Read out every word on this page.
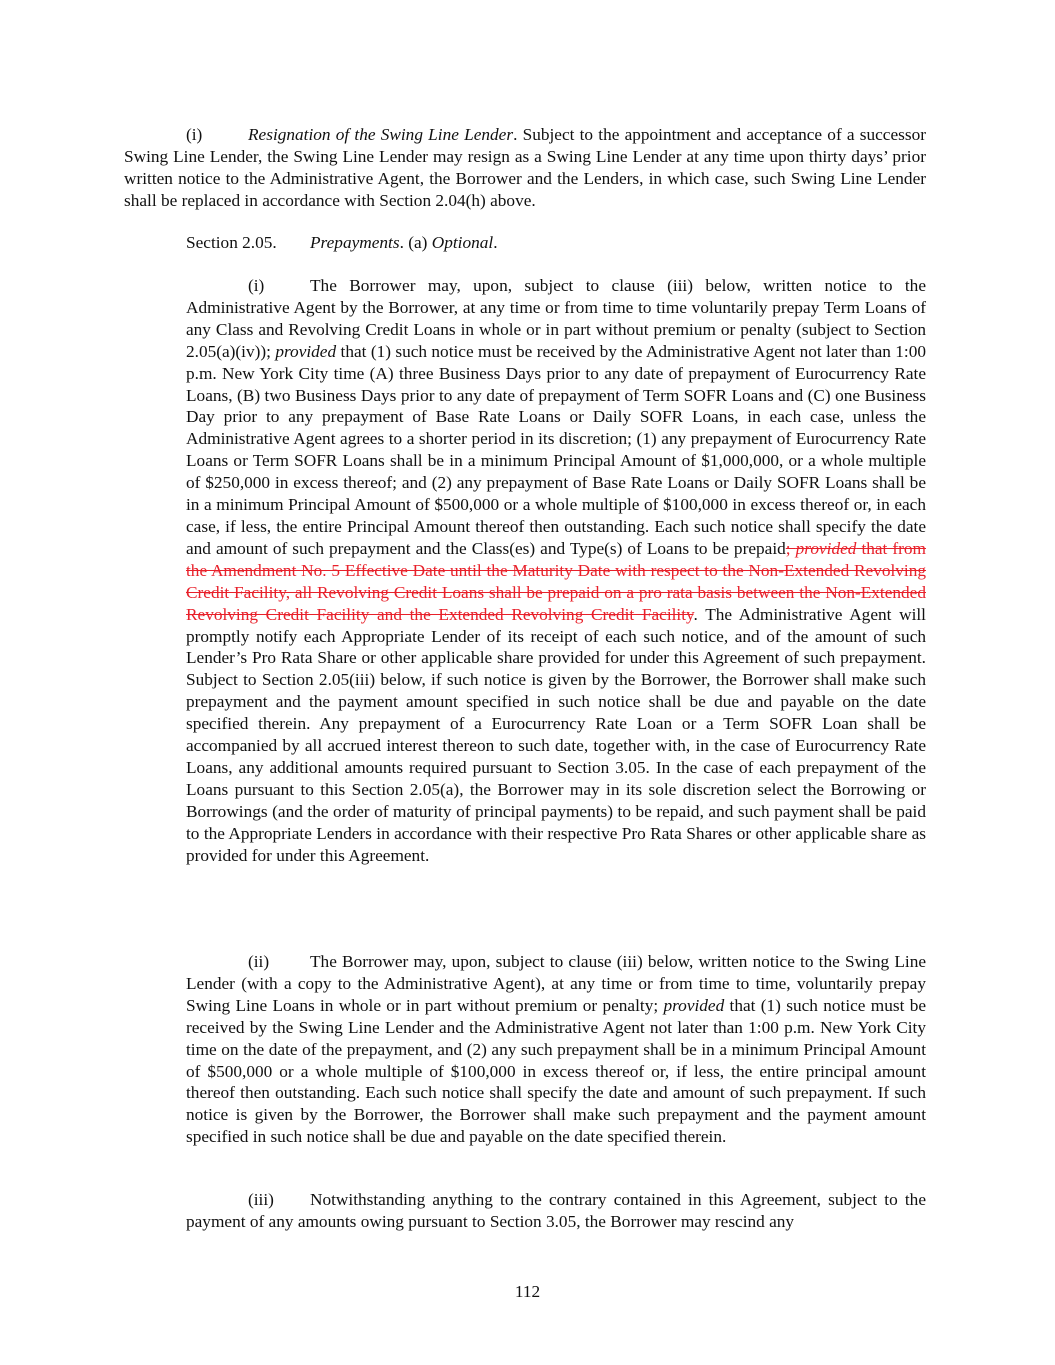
(i)	Resignation of the Swing Line Lender. Subject to the appointment and acceptance of a successor Swing Line Lender, the Swing Line Lender may resign as a Swing Line Lender at any time upon thirty days’ prior written notice to the Administrative Agent, the Borrower and the Lenders, in which case, such Swing Line Lender shall be replaced in accordance with Section 2.04(h) above.

Section 2.05. Prepayments. (a) Optional.

(i)	The Borrower may, upon, subject to clause (iii) below, written notice to the Administrative Agent by the Borrower, at any time or from time to time voluntarily prepay Term Loans of any Class and Revolving Credit Loans in whole or in part without premium or penalty (subject to Section 2.05(a)(iv)); provided that (1) such notice must be received by the Administrative Agent not later than 1:00 p.m. New York City time (A) three Business Days prior to any date of prepayment of Eurocurrency Rate Loans, (B) two Business Days prior to any date of prepayment of Term SOFR Loans and (C) one Business Day prior to any prepayment of Base Rate Loans or Daily SOFR Loans, in each case, unless the Administrative Agent agrees to a shorter period in its discretion; (1) any prepayment of Eurocurrency Rate Loans or Term SOFR Loans shall be in a minimum Principal Amount of $1,000,000, or a whole multiple of $250,000 in excess thereof; and (2) any prepayment of Base Rate Loans or Daily SOFR Loans shall be in a minimum Principal Amount of $500,000 or a whole multiple of $100,000 in excess thereof or, in each case, if less, the entire Principal Amount thereof then outstanding. Each such notice shall specify the date and amount of such prepayment and the Class(es) and Type(s) of Loans to be prepaid; provided that from the Amendment No. 5 Effective Date until the Maturity Date with respect to the Non-Extended Revolving Credit Facility, all Revolving Credit Loans shall be prepaid on a pro rata basis between the Non-Extended Revolving Credit Facility and the Extended Revolving Credit Facility. The Administrative Agent will promptly notify each Appropriate Lender of its receipt of each such notice, and of the amount of such Lender’s Pro Rata Share or other applicable share provided for under this Agreement of such prepayment. Subject to Section 2.05(iii) below, if such notice is given by the Borrower, the Borrower shall make such prepayment and the payment amount specified in such notice shall be due and payable on the date specified therein. Any prepayment of a Eurocurrency Rate Loan or a Term SOFR Loan shall be accompanied by all accrued interest thereon to such date, together with, in the case of Eurocurrency Rate Loans, any additional amounts required pursuant to Section 3.05. In the case of each prepayment of the Loans pursuant to this Section 2.05(a), the Borrower may in its sole discretion select the Borrowing or Borrowings (and the order of maturity of principal payments) to be repaid, and such payment shall be paid to the Appropriate Lenders in accordance with their respective Pro Rata Shares or other applicable share as provided for under this Agreement.

(ii) The Borrower may, upon, subject to clause (iii) below, written notice to the Swing Line Lender (with a copy to the Administrative Agent), at any time or from time to time, voluntarily prepay Swing Line Loans in whole or in part without premium or penalty; provided that (1) such notice must be received by the Swing Line Lender and the Administrative Agent not later than 1:00 p.m. New York City time on the date of the prepayment, and (2) any such prepayment shall be in a minimum Principal Amount of $500,000 or a whole multiple of $100,000 in excess thereof or, if less, the entire principal amount thereof then outstanding. Each such notice shall specify the date and amount of such prepayment. If such notice is given by the Borrower, the Borrower shall make such prepayment and the payment amount specified in such notice shall be due and payable on the date specified therein.

(iii) Notwithstanding anything to the contrary contained in this Agreement, subject to the payment of any amounts owing pursuant to Section 3.05, the Borrower may rescind any

112
